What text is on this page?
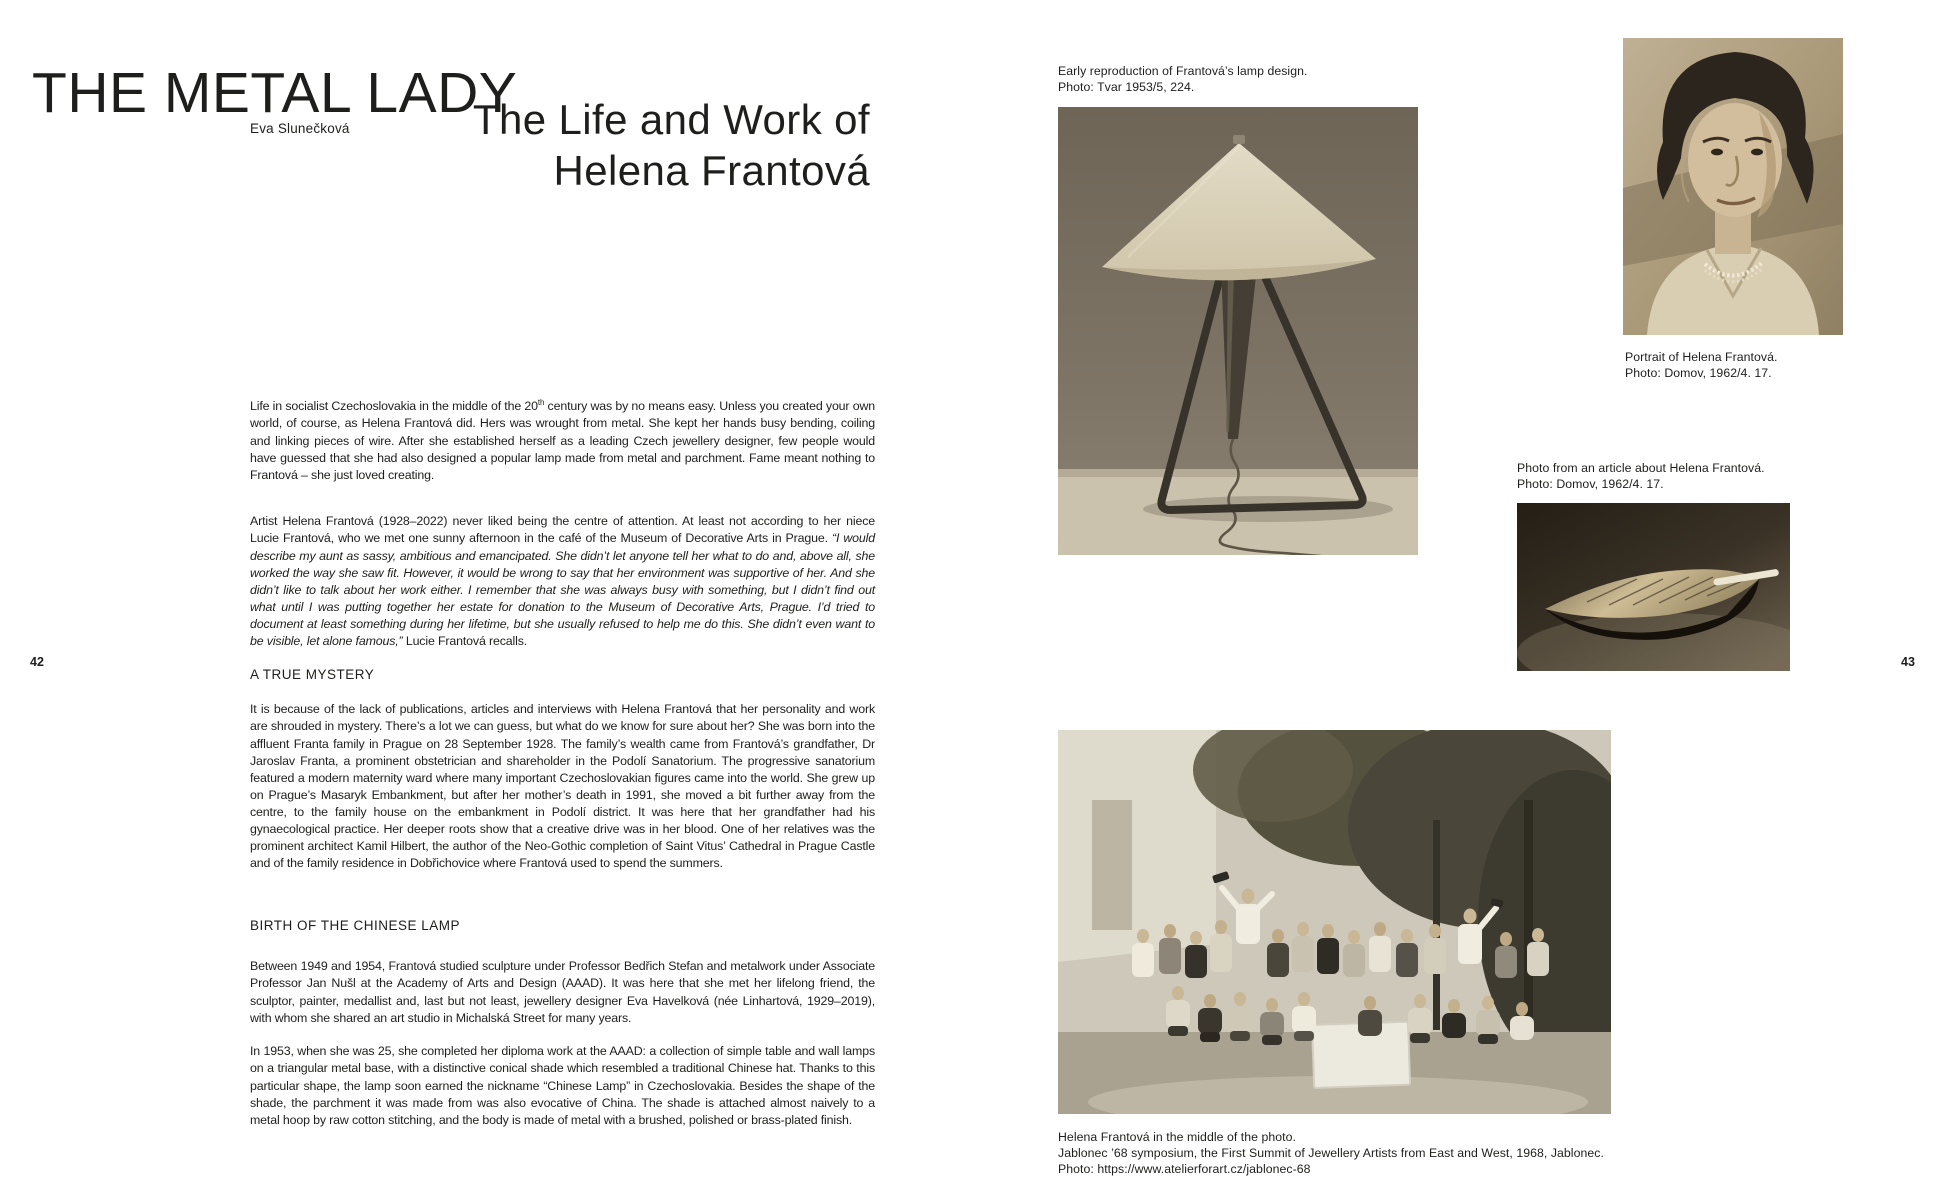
THE METAL LADY
Eva Slunečková	The Life and Work of
Helena Frantová

Life in socialist Czechoslovakia in the middle of the 20th century was by no means easy. Unless you created your own world, of course, as Helena Frantová did. Hers was wrought from metal. She kept her hands busy bending, coiling and linking pieces of wire. After she established herself as a leading Czech jewellery designer, few people would have guessed that she had also designed a popular lamp made from metal and parchment. Fame meant nothing to Frantová – she just loved creating.

Artist Helena Frantová (1928–2022) never liked being the centre of attention. At least not according to her niece Lucie Frantová, who we met one sunny afternoon in the café of the Museum of Decorative Arts in Prague. “I would describe my aunt as sassy, ambitious and emancipated. She didn’t let anyone tell her what to do and, above all, she worked the way she saw fit. However, it would be wrong to say that her environment was supportive of her. And she didn’t like to talk about her work either. I remember that she was always busy with something, but I didn’t find out what until I was putting together her estate for donation to the Museum of Decorative Arts, Prague. I’d tried to document at least something during her lifetime, but she usually refused to help me do this. She didn’t even want to be visible, let alone famous,” Lucie Frantová recalls.

A TRUE MYSTERY

It is because of the lack of publications, articles and interviews with Helena Frantová that her personality and work are shrouded in mystery. There’s a lot we can guess, but what do we know for sure about her? She was born into the affluent Franta family in Prague on 28 September 1928. The family’s wealth came from Frantová’s grandfather, Dr Jaroslav Franta, a prominent obstetrician and shareholder in the Podolí Sanatorium. The progressive sanatorium featured a modern maternity ward where many important Czechoslovakian figures came into the world. She grew up on Prague’s Masaryk Embankment, but after her mother’s death in 1991, she moved a bit further away from the centre, to the family house on the embankment in Podolí district. It was here that her grandfather had his gynaecological practice. Her deeper roots show that a creative drive was in her blood. One of her relatives was the prominent architect Kamil Hilbert, the author of the Neo-Gothic completion of Saint Vitus’ Cathedral in Prague Castle and of the family residence in Dobřichovice where Frantová used to spend the summers.

BIRTH OF THE CHINESE LAMP

Between 1949 and 1954, Frantová studied sculpture under Professor Bedřich Stefan and metalwork under Associate Professor Jan Nušl at the Academy of Arts and Design (AAAD). It was here that she met her lifelong friend, the sculptor, painter, medallist and, last but not least, jewellery designer Eva Havelková (née Linhartová, 1929–2019), with whom she shared an art studio in Michalská Street for many years.

In 1953, when she was 25, she completed her diploma work at the AAAD: a collection of simple table and wall lamps on a triangular metal base, with a distinctive conical shade which resembled a traditional Chinese hat. Thanks to this particular shape, the lamp soon earned the nickname “Chinese Lamp” in Czechoslovakia. Besides the shape of the shade, the parchment it was made from was also evocative of China. The shade is attached almost naively to a metal hoop by raw cotton stitching, and the body is made of metal with a brushed, polished or brass-plated finish.

42
Early reproduction of Frantová’s lamp design.
Photo: Tvar 1953/5, 224.
Portrait of Helena Frantová.
Photo: Domov, 1962/4. 17.
Photo from an article about Helena Frantová.
Photo: Domov, 1962/4. 17.
Helena Frantová in the middle of the photo.
Jablonec ’68 symposium, the First Summit of Jewellery Artists from East and West, 1968, Jablonec.
Photo: https://www.atelierforart.cz/jablonec-68
43
